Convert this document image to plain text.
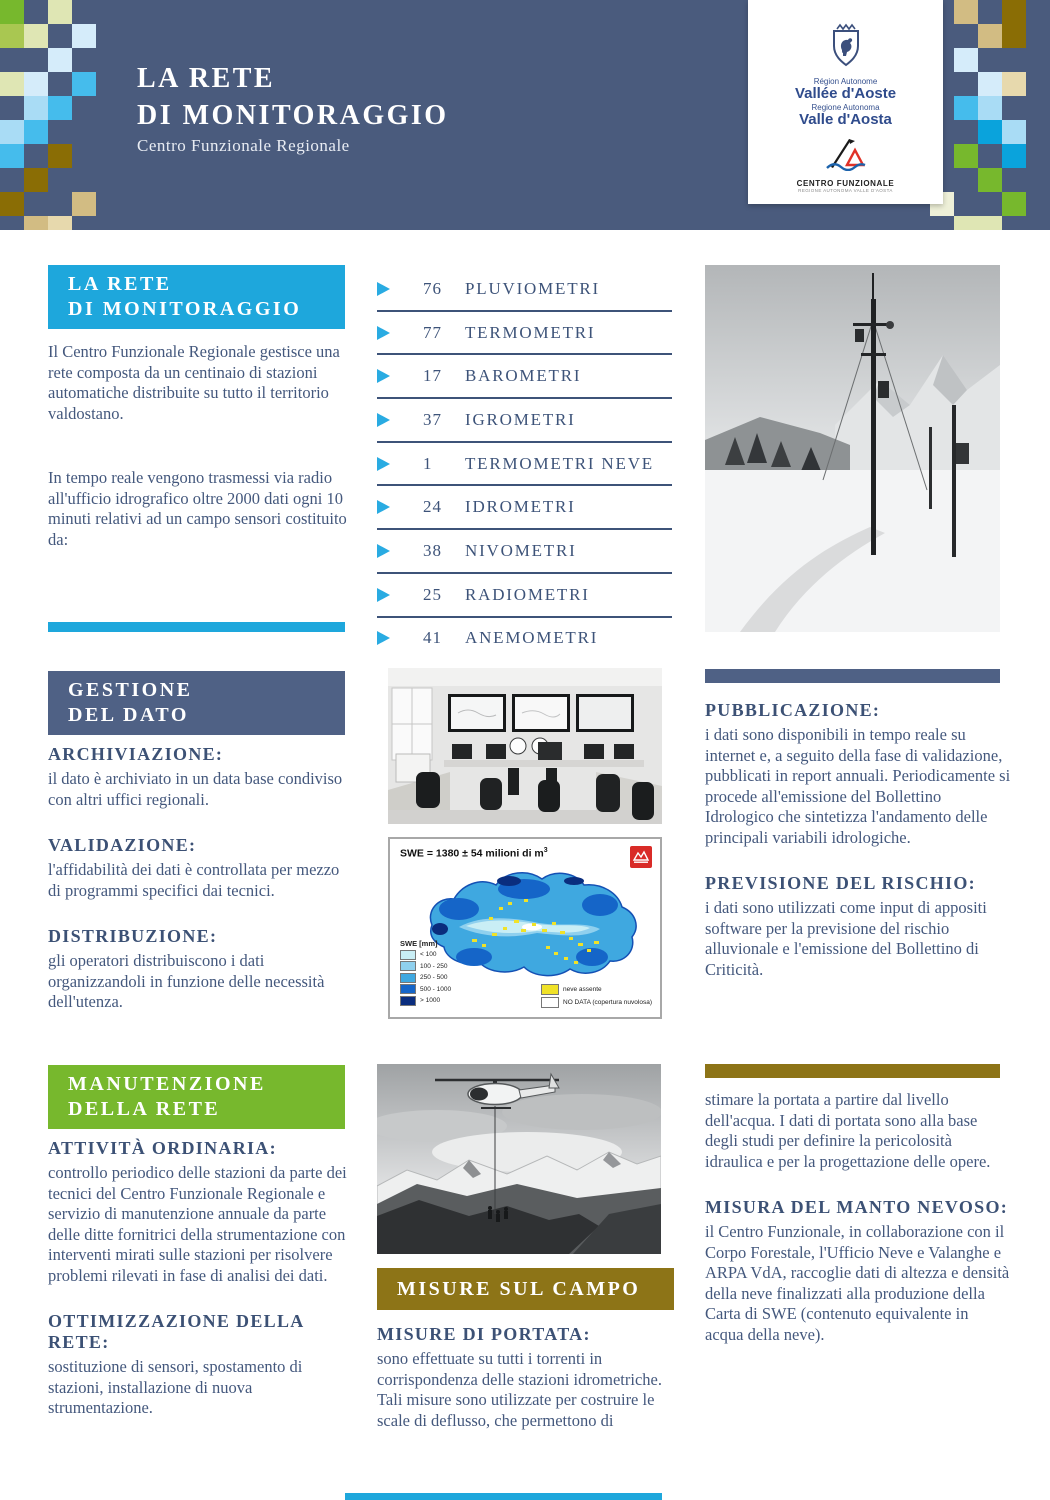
LA RETE
DI MONITORAGGIO
Centro Funzionale Regionale
Région Autonome
Vallée d'Aoste
Regione Autonoma
Valle d'Aosta
CENTRO FUNZIONALE
REGIONE AUTONOMA VALLE D'AOSTA
LA RETE
DI MONITORAGGIO
Il Centro Funzionale Regionale gestisce una rete composta da un centinaio di stazioni automatiche distribuite su tutto il territorio valdostano.
In tempo reale vengono trasmessi via radio all'ufficio idrografico oltre 2000 dati ogni 10 minuti relativi ad un campo sensori costituito da:
76	PLUVIOMETRI
77	TERMOMETRI
17	BAROMETRI
37	IGROMETRI
1	TERMOMETRI NEVE
24	IDROMETRI
38	NIVOMETRI
25	RADIOMETRI
41	ANEMOMETRI
GESTIONE
DEL DATO
ARCHIVIAZIONE:
il dato è archiviato in un data base condiviso con altri uffici regionali.
VALIDAZIONE:
l'affidabilità dei dati è controllata per mezzo di programmi specifici dai tecnici.
DISTRIBUZIONE:
gli operatori distribuiscono i dati organizzandoli in funzione delle necessità dell'utenza.
SWE = 1380 ± 54 milioni di $m^3$
SWE [mm]
< 100
100 - 250
250 - 500
500 - 1000
> 1000
neve assente
NO DATA (copertura nuvolosa)
PUBBLICAZIONE:
i dati sono disponibili in tempo reale su internet e, a seguito della fase di validazione, pubblicati in report annuali. Periodicamente si procede all'emissione del Bollettino Idrologico che sintetizza l'andamento delle principali variabili idrologiche.
PREVISIONE DEL RISCHIO:
i dati sono utilizzati come input di appositi software per la previsione del rischio alluvionale e l'emissione del Bollettino di Criticità.
MANUTENZIONE
DELLA RETE
ATTIVITÀ ORDINARIA:
controllo periodico delle stazioni da parte dei tecnici del Centro Funzionale Regionale e servizio di manutenzione annuale da parte delle ditte fornitrici della strumentazione con interventi mirati sulle stazioni per risolvere problemi rilevati in fase di analisi dei dati.
OTTIMIZZAZIONE DELLA RETE:
sostituzione di sensori, spostamento di stazioni, installazione di nuova strumentazione.
MISURE SUL CAMPO
MISURE DI PORTATA:
sono effettuate su tutti i torrenti in corrispondenza delle stazioni idrometriche. Tali misure sono utilizzate per costruire le scale di deflusso, che permettono di
stimare la portata a partire dal livello dell'acqua. I dati di portata sono alla base degli studi per definire la pericolosità idraulica e per la progettazione delle opere.
MISURA DEL MANTO NEVOSO:
il Centro Funzionale, in collaborazione con il Corpo Forestale, l'Ufficio Neve e Valanghe e ARPA VdA, raccoglie dati di altezza e densità della neve finalizzati alla produzione della Carta di SWE (contenuto equivalente in acqua della neve).
